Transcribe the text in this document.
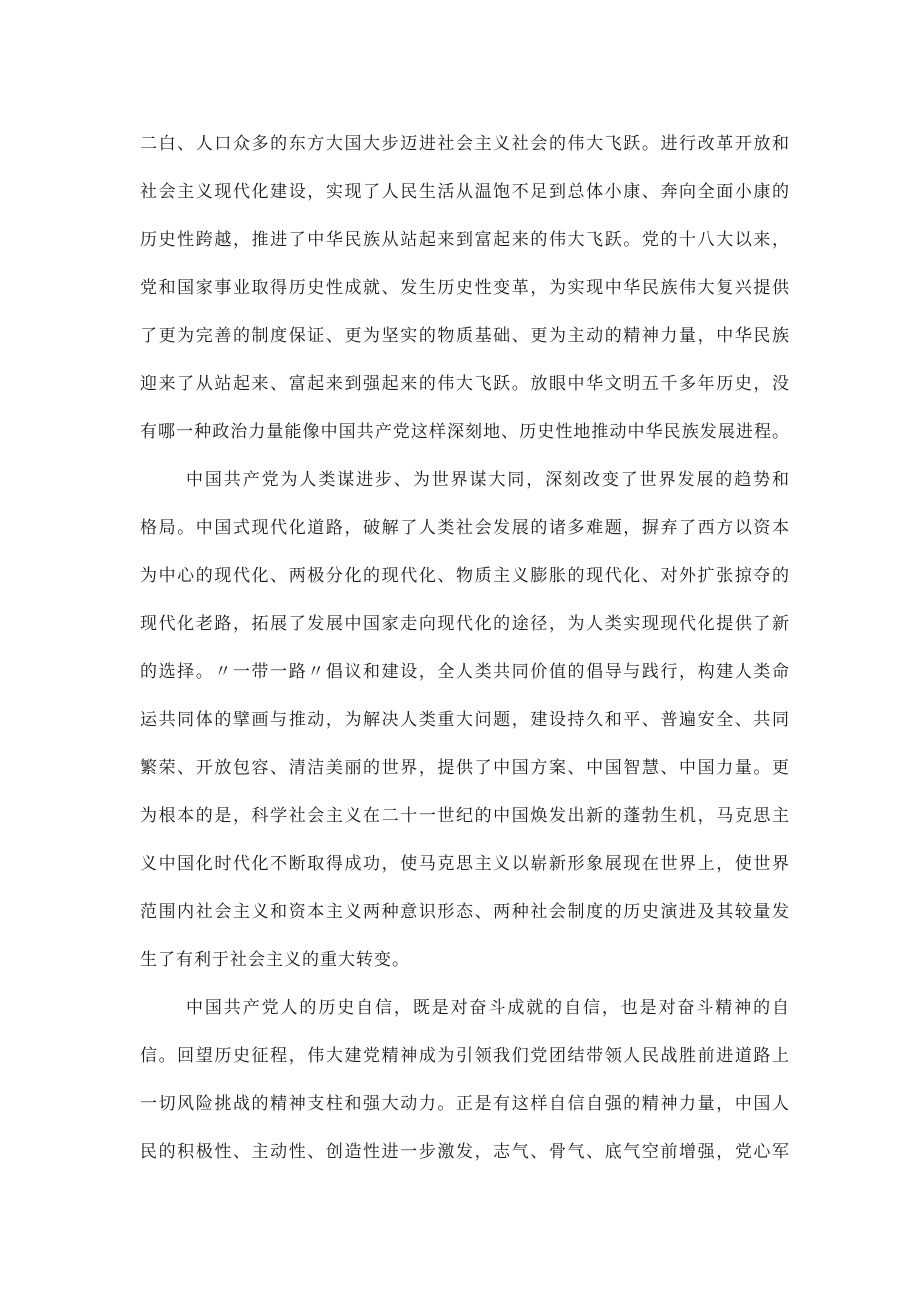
二白、人口众多的东方大国大步迈进社会主义社会的伟大飞跃。进行改革开放和
社会主义现代化建设，实现了人民生活从温饱不足到总体小康、奔向全面小康的
历史性跨越，推进了中华民族从站起来到富起来的伟大飞跃。党的十八大以来，
党和国家事业取得历史性成就、发生历史性变革，为实现中华民族伟大复兴提供
了更为完善的制度保证、更为坚实的物质基础、更为主动的精神力量，中华民族
迎来了从站起来、富起来到强起来的伟大飞跃。放眼中华文明五千多年历史，没
有哪一种政治力量能像中国共产党这样深刻地、历史性地推动中华民族发展进程。
中国共产党为人类谋进步、为世界谋大同，深刻改变了世界发展的趋势和
格局。中国式现代化道路，破解了人类社会发展的诸多难题，摒弃了西方以资本
为中心的现代化、两极分化的现代化、物质主义膨胀的现代化、对外扩张掠夺的
现代化老路，拓展了发展中国家走向现代化的途径，为人类实现现代化提供了新
的选择。〃一带一路〃倡议和建设，全人类共同价值的倡导与践行，构建人类命
运共同体的擘画与推动，为解决人类重大问题，建设持久和平、普遍安全、共同
繁荣、开放包容、清洁美丽的世界，提供了中国方案、中国智慧、中国力量。更
为根本的是，科学社会主义在二十一世纪的中国焕发出新的蓬勃生机，马克思主
义中国化时代化不断取得成功，使马克思主义以崭新形象展现在世界上，使世界
范围内社会主义和资本主义两种意识形态、两种社会制度的历史演进及其较量发
生了有利于社会主义的重大转变。
中国共产党人的历史自信，既是对奋斗成就的自信，也是对奋斗精神的自
信。回望历史征程，伟大建党精神成为引领我们党团结带领人民战胜前进道路上
一切风险挑战的精神支柱和强大动力。正是有这样自信自强的精神力量，中国人
民的积极性、主动性、创造性进一步激发，志气、骨气、底气空前增强，党心军
